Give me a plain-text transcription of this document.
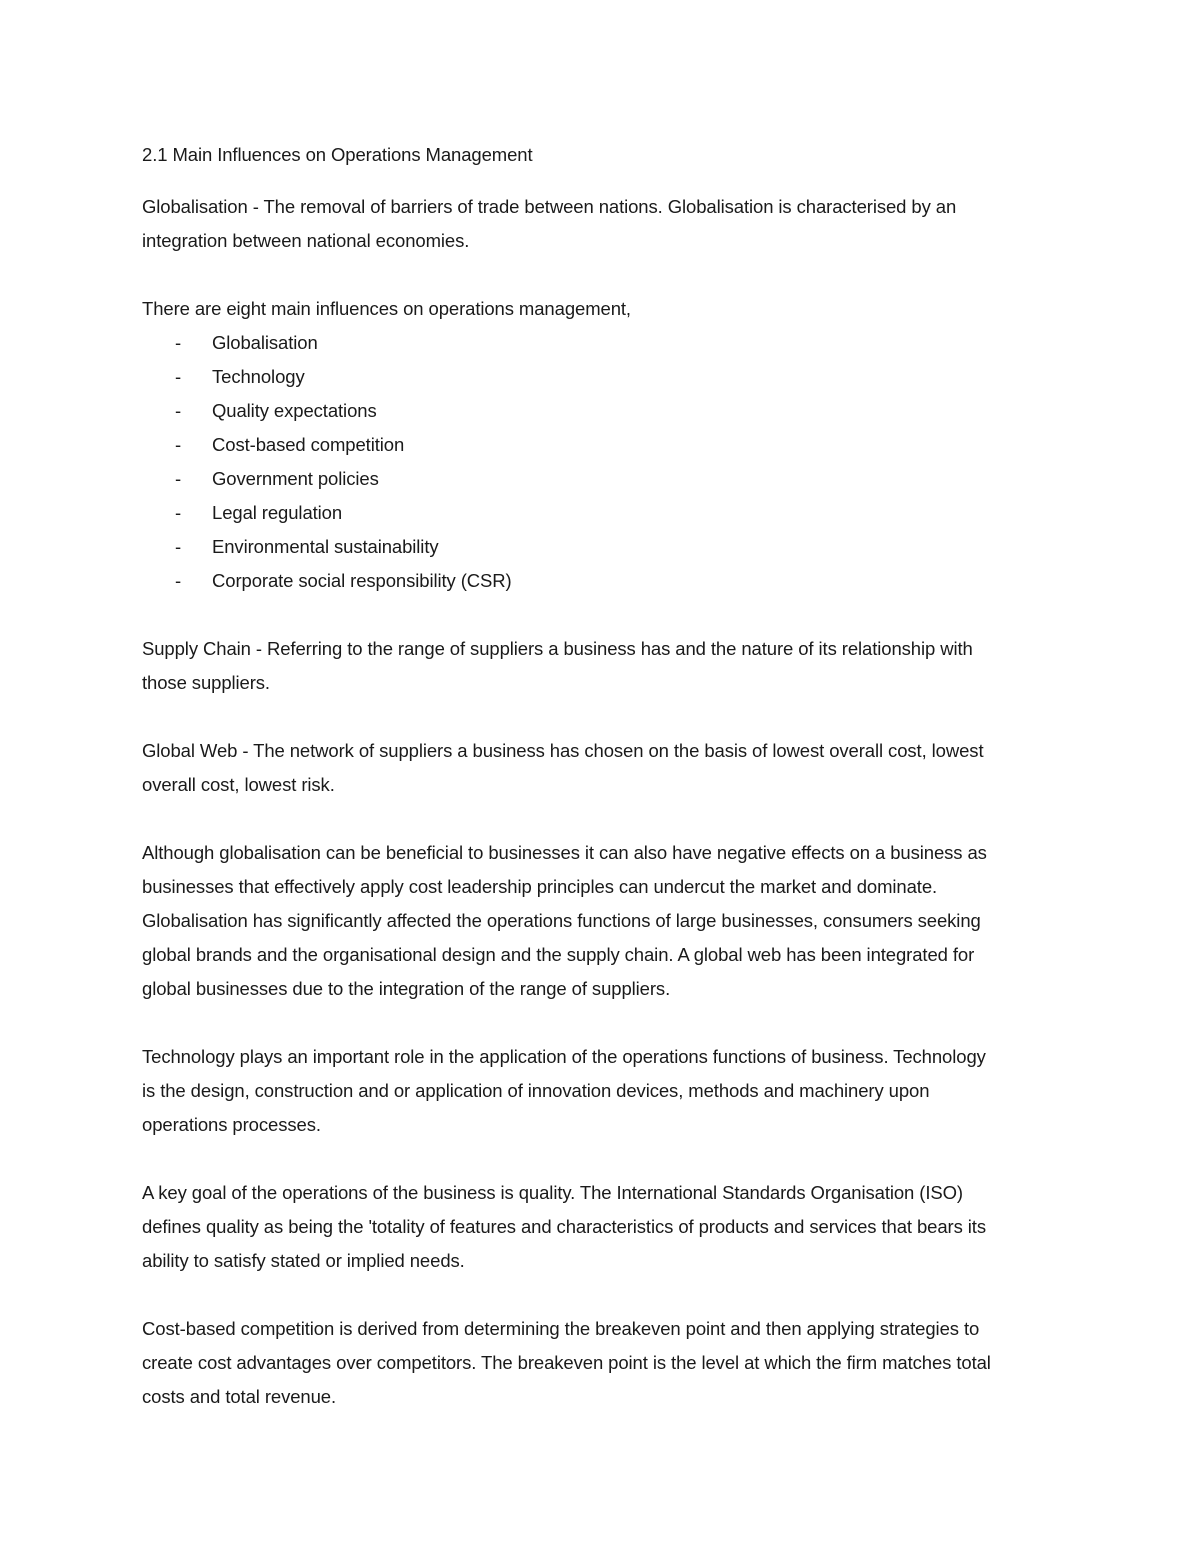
2.1 Main Influences on Operations Management

Globalisation - The removal of barriers of trade between nations. Globalisation is characterised by an

integration between national economies.

There are eight main influences on operations management,

- Globalisation
- Technology
- Quality expectations
- Cost-based competition
- Government policies
- Legal regulation
- Environmental sustainability
- Corporate social responsibility (CSR)

Supply Chain - Referring to the range of suppliers a business has and the nature of its relationship with

those suppliers.

Global Web - The network of suppliers a business has chosen on the basis of lowest overall cost, lowest

overall cost, lowest risk.

Although globalisation can be beneficial to businesses it can also have negative effects on a business as

businesses that effectively apply cost leadership principles can undercut the market and dominate.

Globalisation has significantly affected the operations functions of large businesses, consumers seeking

global brands and the organisational design and the supply chain. A global web has been integrated for

global businesses due to the integration of the range of suppliers.

Technology plays an important role in the application of the operations functions of business. Technology

is the design, construction and or application of innovation devices, methods and machinery upon

operations processes.

A key goal of the operations of the business is quality. The International Standards Organisation (ISO)

defines quality as being the 'totality of features and characteristics of products and services that bears its

ability to satisfy stated or implied needs.

Cost-based competition is derived from determining the breakeven point and then applying strategies to

create cost advantages over competitors. The breakeven point is the level at which the firm matches total

costs and total revenue.
